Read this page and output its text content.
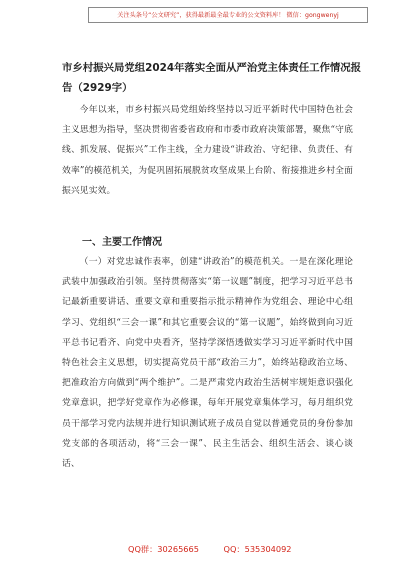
关注头条号“公文研究”，获得最新最全最专业的公文资料库！ 微信：gongwenyj
市乡村振兴局党组2024年落实全面从严治党主体责任工作情况报告（2929字）

今年以来，市乡村振兴局党组始终坚持以习近平新时代中国特色社会主义思想为指导，坚决贯彻省委省政府和市委市政府决策部署，聚焦“守底线、抓发展、促振兴”工作主线，全力建设“讲政治、守纪律、负责任、有效率”的模范机关，为促巩固拓展脱贫攻坚成果上台阶、衔接推进乡村全面振兴见实效。

一、主要工作情况

（一）对党忠诚作表率，创建“讲政治”的模范机关。一是在深化理论武装中加强政治引领。坚持贯彻落实“第一议题”制度，把学习习近平总书记最新重要讲话、重要文章和重要指示批示精神作为党组会、理论中心组学习、党组织“三会一课”和其它重要会议的“第一议题”，始终做到向习近平总书记看齐、向党中央看齐，坚持学深悟透做实学习习近平新时代中国特色社会主义思想，切实提高党员干部“政治三力”，始终站稳政治立场、把准政治方向做到“两个维护”。二是严肃党内政治生活树牢规矩意识强化党章意识，把学好党章作为必修课，每年开展党章集体学习，每月组织党员干部学习党内法规并进行知识测试班子成员自觉以普通党员的身份参加党支部的各项活动，将“三会一课”、民主生活会、组织生活会、谈心谈话、

QQ群：30265665	QQ：535304092
